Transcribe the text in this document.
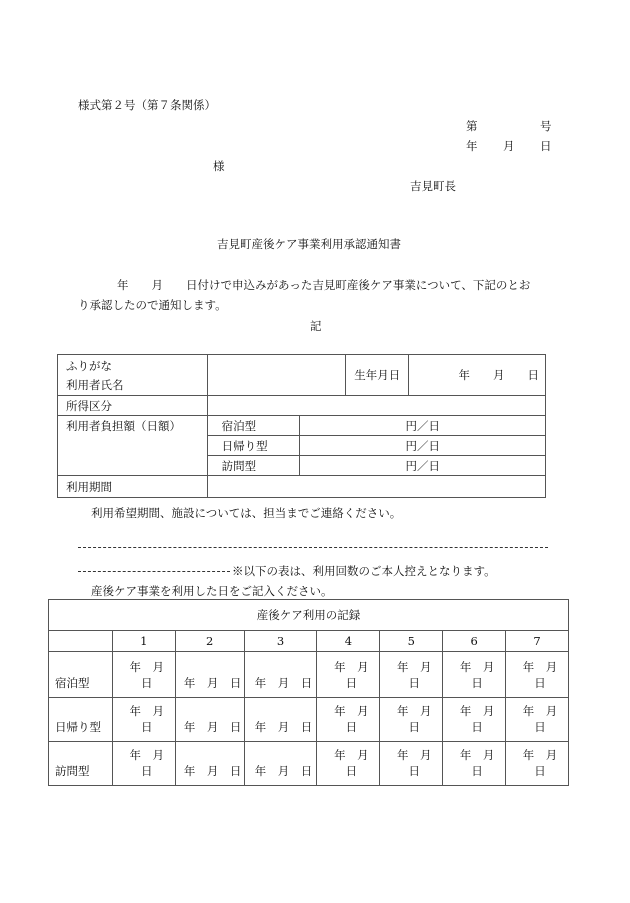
様式第２号（第７条関係）
第	号
年 月 日
様
吉見町長
吉見町産後ケア事業利用承認通知書
年　　月　　日付けで申込みがあった吉見町産後ケア事業について、下記のとお
り承認したので通知します。
記
ふりがな
利用者氏名			生年月日	年　　月　　日
所得区分				
利用者負担額（日額）	宿泊型	円／日		
	日帰り型	円／日		
	訪問型	円／日		
利用期間				
利用希望期間、施設については、担当までご連絡ください。
※以下の表は、利用回数のご本人控えとなります。
産後ケア事業を利用した日をご記入ください。
産後ケア利用の記録							
	1	2	3	4	5	6	7
宿泊型	年　月　日	年　月　日	年　月　日	年　月　日	年　月　日	年　月　日	年　月　日
日帰り型	年　月　日	年　月　日	年　月　日	年　月　日	年　月　日	年　月　日	年　月　日
訪問型	年　月　日	年　月　日	年　月　日	年　月　日	年　月　日	年　月　日	年　月　日
